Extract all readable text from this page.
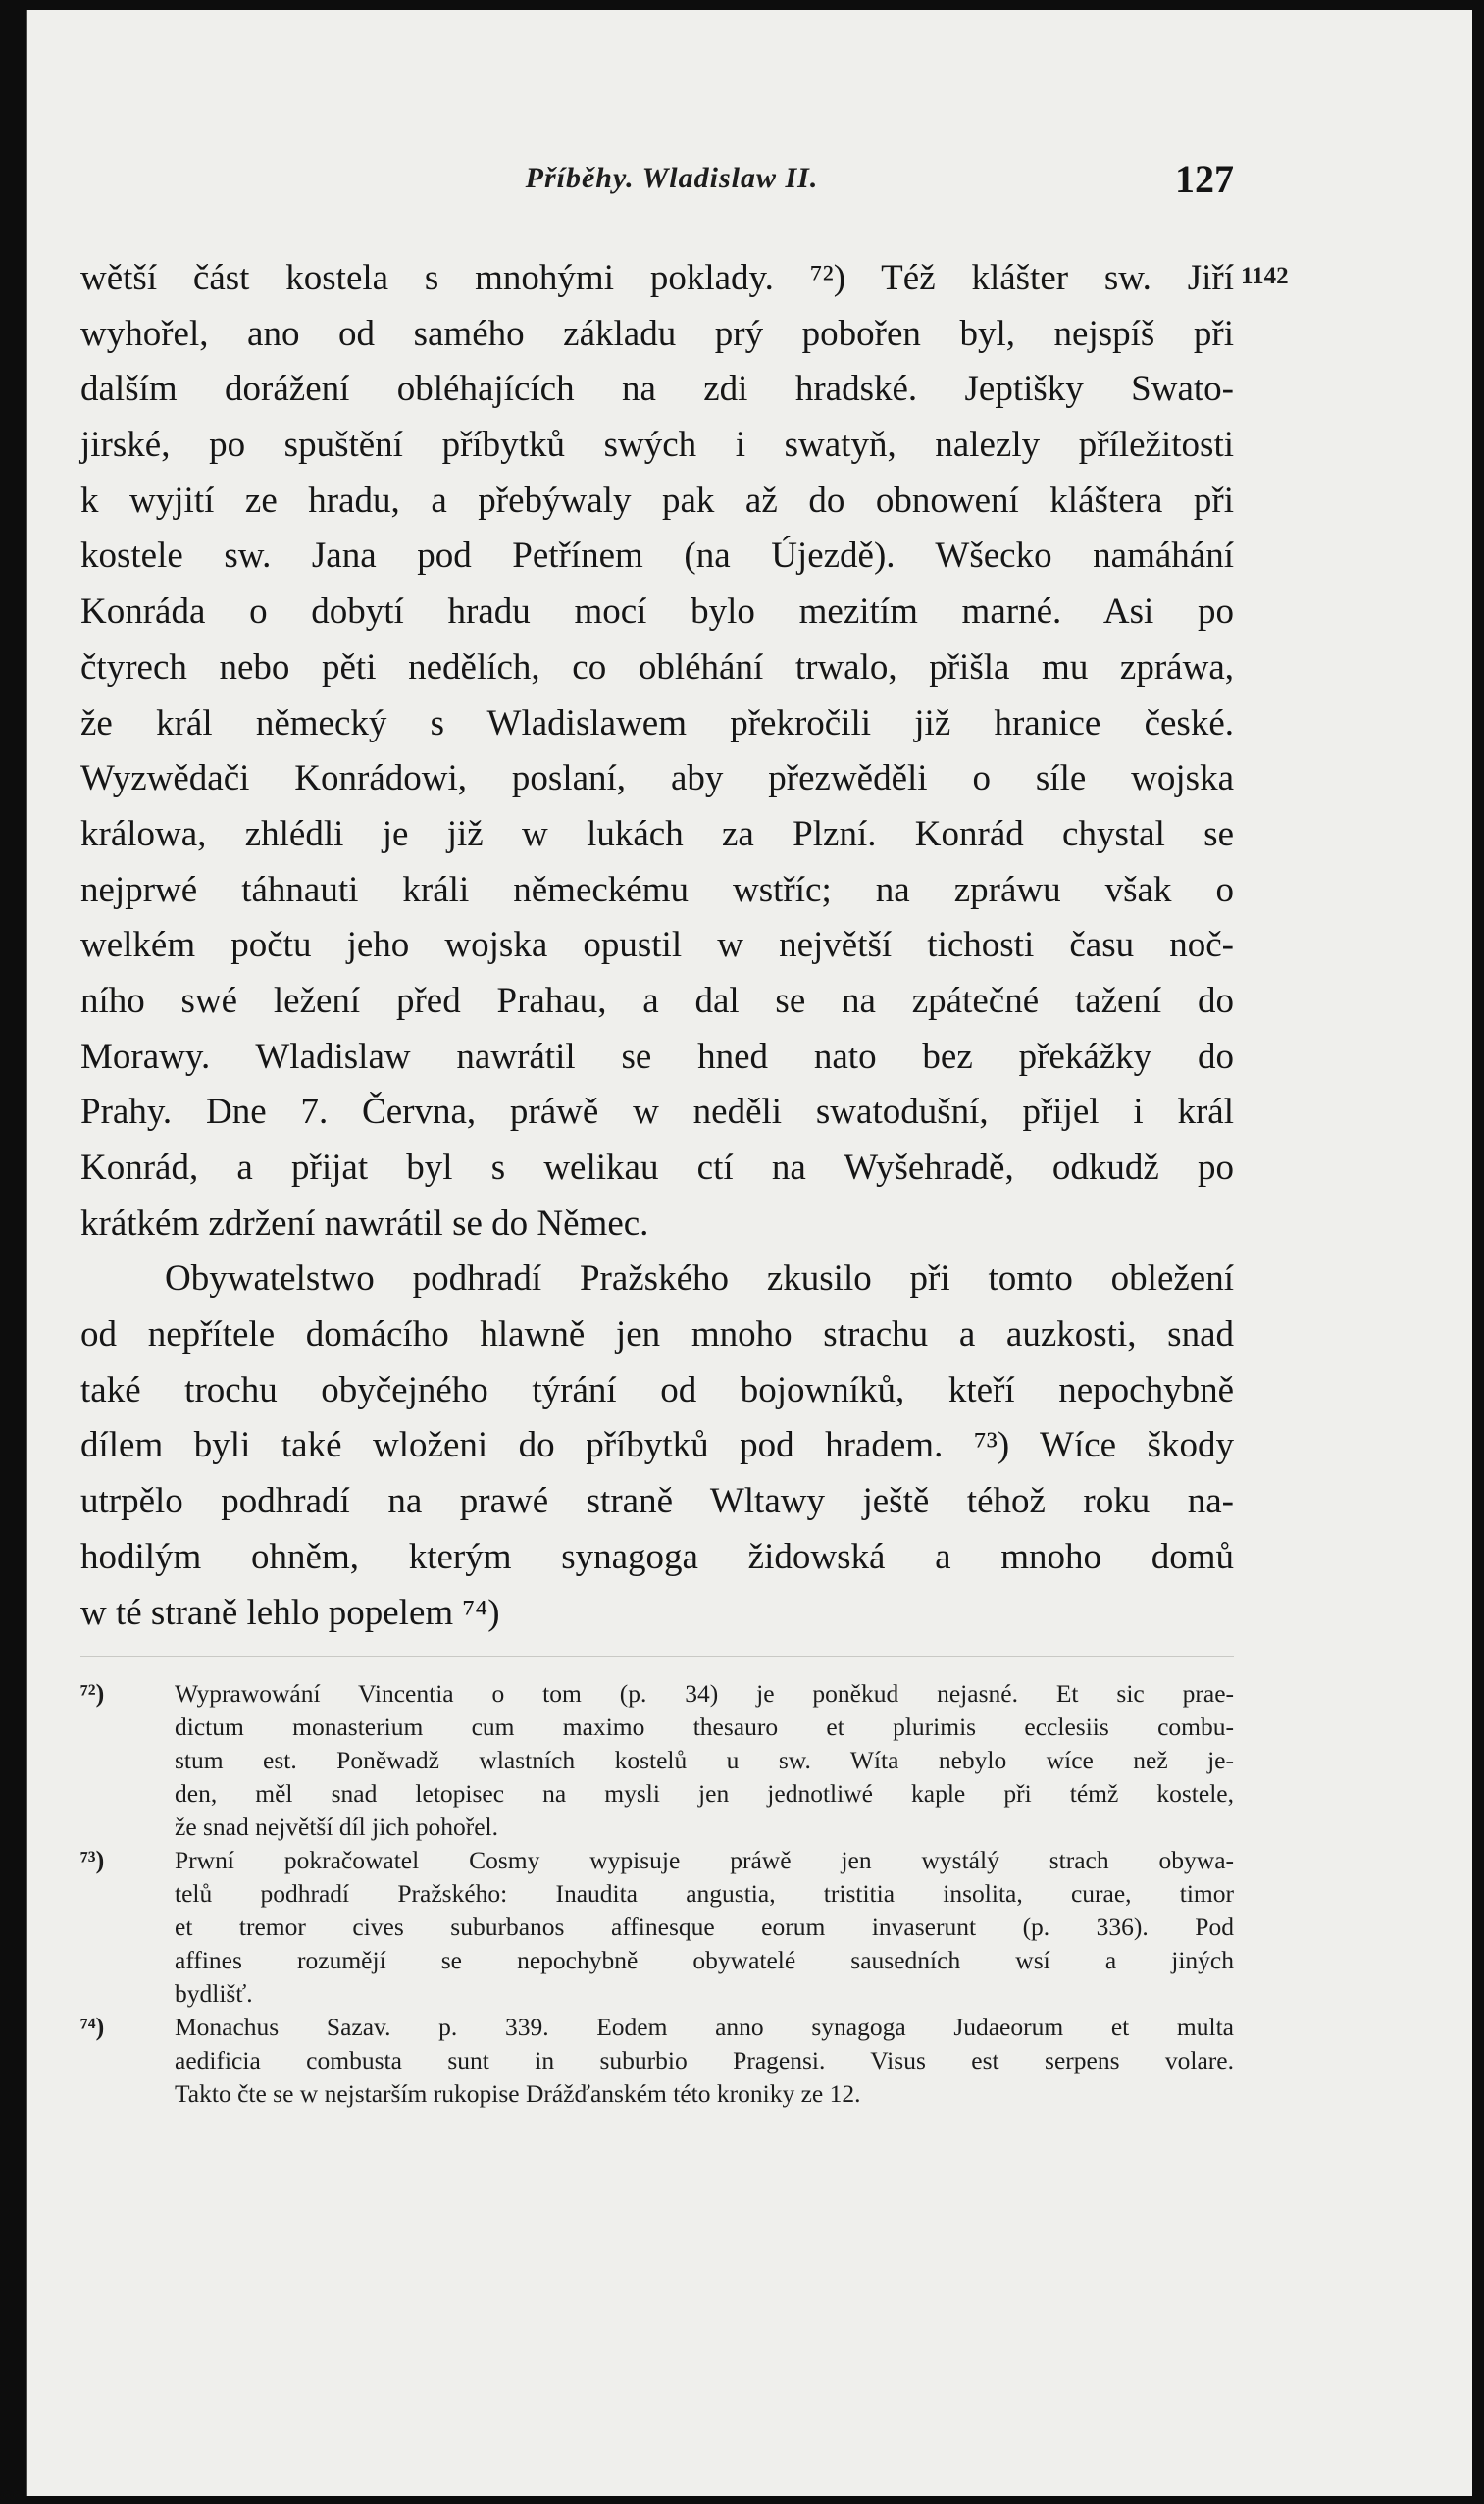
Příběhy. Wladislaw II.	127
1142
wětší část kostela s mnohými poklady. ⁷²) Též klášter sw. Jiří
wyhořel, ano od samého základu prý pobořen byl, nejspíš při
dalším dorážení obléhajících na zdi hradské. Jeptišky Swato-
jirské, po spuštění příbytků swých i swatyň, nalezly příležitosti
k wyjití ze hradu, a přebýwaly pak až do obnowení kláštera při
kostele sw. Jana pod Petřínem (na Újezdě). Wšecko namáhání
Konráda o dobytí hradu mocí bylo mezitím marné. Asi po
čtyrech nebo pěti nedělích, co obléhání trwalo, přišla mu zpráwa,
že král německý s Wladislawem překročili již hranice české.
Wyzwědači Konrádowi, poslaní, aby přezwěděli o síle wojska
králowa, zhlédli je již w lukách za Plzní. Konrád chystal se
nejprwé táhnauti králi německému wstříc; na zpráwu však o
welkém počtu jeho wojska opustil w největší tichosti času noč-
ního swé ležení před Prahau, a dal se na zpátečné tažení do
Morawy. Wladislaw nawrátil se hned nato bez překážky do
Prahy. Dne 7. Června, práwě w neděli swatodušní, přijel i král
Konrád, a přijat byl s welikau ctí na Wyšehradě, odkudž po
krátkém zdržení nawrátil se do Němec.
Obywatelstwo podhradí Pražského zkusilo při tomto obležení
od nepřítele domácího hlawně jen mnoho strachu a auzkosti, snad
také trochu obyčejného týrání od bojowníků, kteří nepochybně
dílem byli také wloženi do příbytků pod hradem. ⁷³) Wíce škody
utrpělo podhradí na prawé straně Wltawy ještě téhož roku na-
hodilým ohněm, kterým synagoga židowská a mnoho domů
w té straně lehlo popelem ⁷⁴)
⁷²)	Wyprawowání Vincentia o tom (p. 34) je poněkud nejasné. Et sic prae-
dictum monasterium cum maximo thesauro et plurimis ecclesiis combu-
stum est. Poněwadž wlastních kostelů u sw. Wíta nebylo wíce než je-
den, měl snad letopisec na mysli jen jednotliwé kaple při témž kostele,
že snad největší díl jich pohořel.
⁷³)	Prwní pokračowatel Cosmy wypisuje práwě jen wystálý strach obywa-
telů podhradí Pražského: Inaudita angustia, tristitia insolita, curae, timor
et tremor cives suburbanos affinesque eorum invaserunt (p. 336). Pod
affines rozumějí se nepochybně obywatelé sausedních wsí a jiných
bydlišť.
⁷⁴)	Monachus Sazav. p. 339. Eodem anno synagoga Judaeorum et multa
aedificia combusta sunt in suburbio Pragensi. Visus est serpens volare.
Takto čte se w nejstarším rukopise Drážďanském této kroniky ze 12.
